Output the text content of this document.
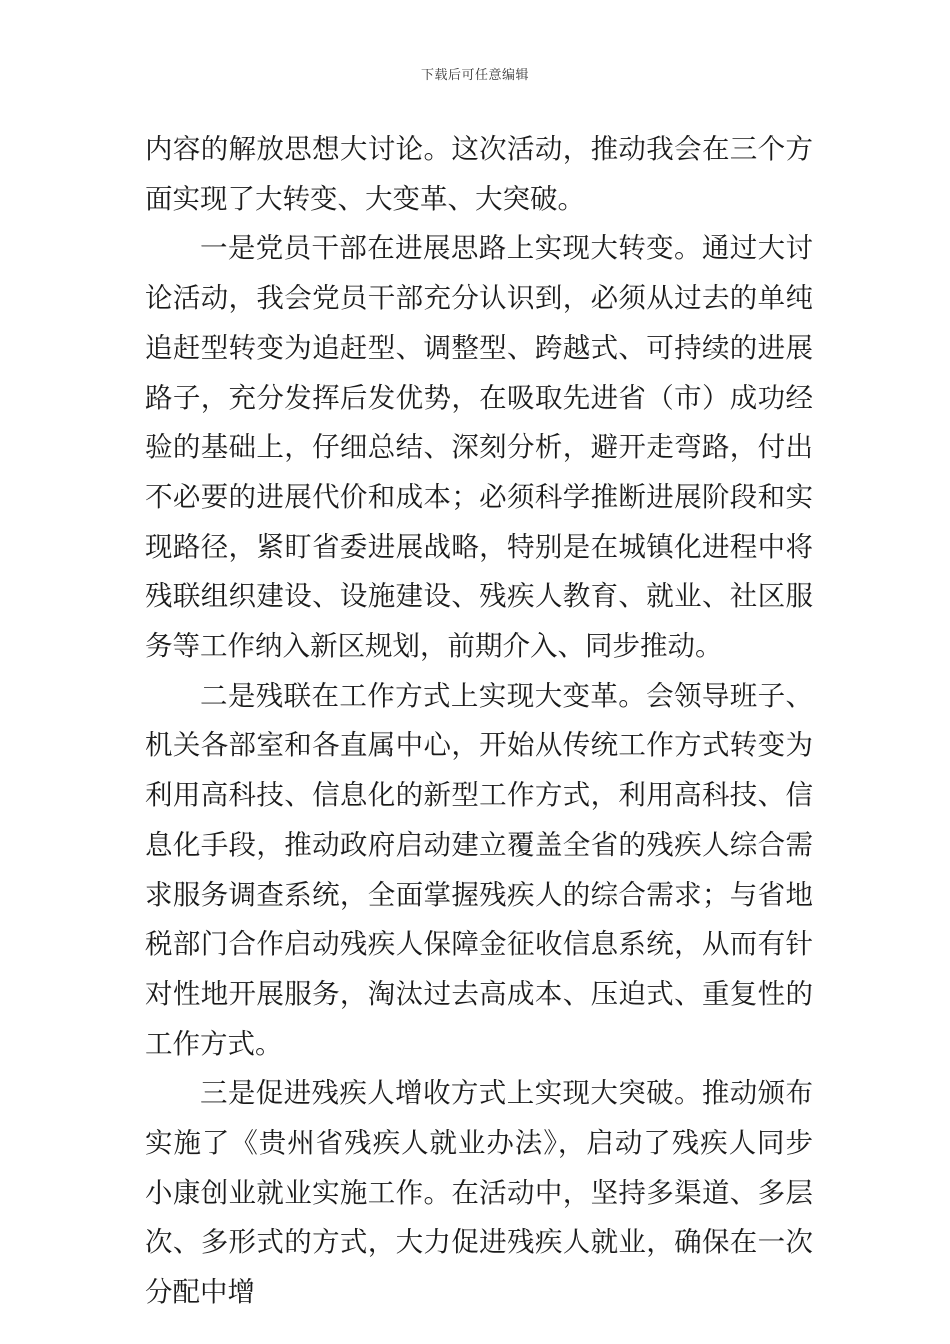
下载后可任意编辑

内容的解放思想大讨论。这次活动，推动我会在三个方面实现了大转变、大变革、大突破。

一是党员干部在进展思路上实现大转变。通过大讨论活动，我会党员干部充分认识到，必须从过去的单纯追赶型转变为追赶型、调整型、跨越式、可持续的进展路子，充分发挥后发优势，在吸取先进省（市）成功经验的基础上，仔细总结、深刻分析，避开走弯路，付出不必要的进展代价和成本；必须科学推断进展阶段和实现路径，紧盯省委进展战略，特别是在城镇化进程中将残联组织建设、设施建设、残疾人教育、就业、社区服务等工作纳入新区规划，前期介入、同步推动。

二是残联在工作方式上实现大变革。会领导班子、机关各部室和各直属中心，开始从传统工作方式转变为利用高科技、信息化的新型工作方式，利用高科技、信息化手段，推动政府启动建立覆盖全省的残疾人综合需求服务调查系统，全面掌握残疾人的综合需求；与省地税部门合作启动残疾人保障金征收信息系统，从而有针对性地开展服务，淘汰过去高成本、压迫式、重复性的工作方式。

三是促进残疾人增收方式上实现大突破。推动颁布实施了《贵州省残疾人就业办法》，启动了残疾人同步小康创业就业实施工作。在活动中，坚持多渠道、多层次、多形式的方式，大力促进残疾人就业，确保在一次分配中增
